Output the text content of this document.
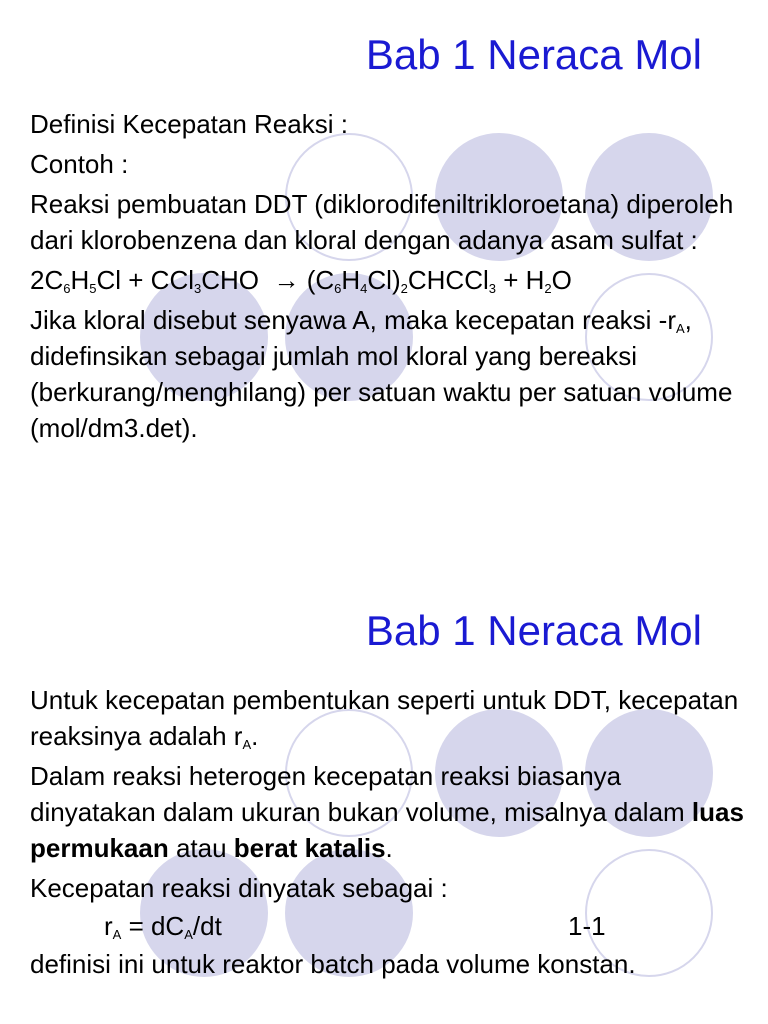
Bab 1 Neraca Mol

Definisi Kecepatan Reaksi :

Contoh :

Reaksi pembuatan DDT (diklorodifeniltrikloroetana) diperoleh dari klorobenzena dan kloral dengan adanya asam sulfat :

$2C_6H_5Cl + CCl_3CHO$  → $(C_6H_4Cl)_2CHCCl_3 + H_2O$

Jika kloral disebut senyawa A, maka kecepatan reaksi $-r_A$, didefinsikan sebagai jumlah mol kloral yang bereaksi (berkurang/menghilang) per satuan waktu per satuan volume (mol/dm3.det).

Bab 1 Neraca Mol

Untuk kecepatan pembentukan seperti untuk DDT, kecepatan reaksinya adalah $r_A$.

Dalam reaksi heterogen kecepatan reaksi biasanya dinyatakan dalam ukuran bukan volume, misalnya dalam luas permukaan atau berat katalis.

Kecepatan reaksi dinyatak sebagai :

$r_A = dC_A/dt$	1-1

definisi ini untuk reaktor batch pada volume konstan.
